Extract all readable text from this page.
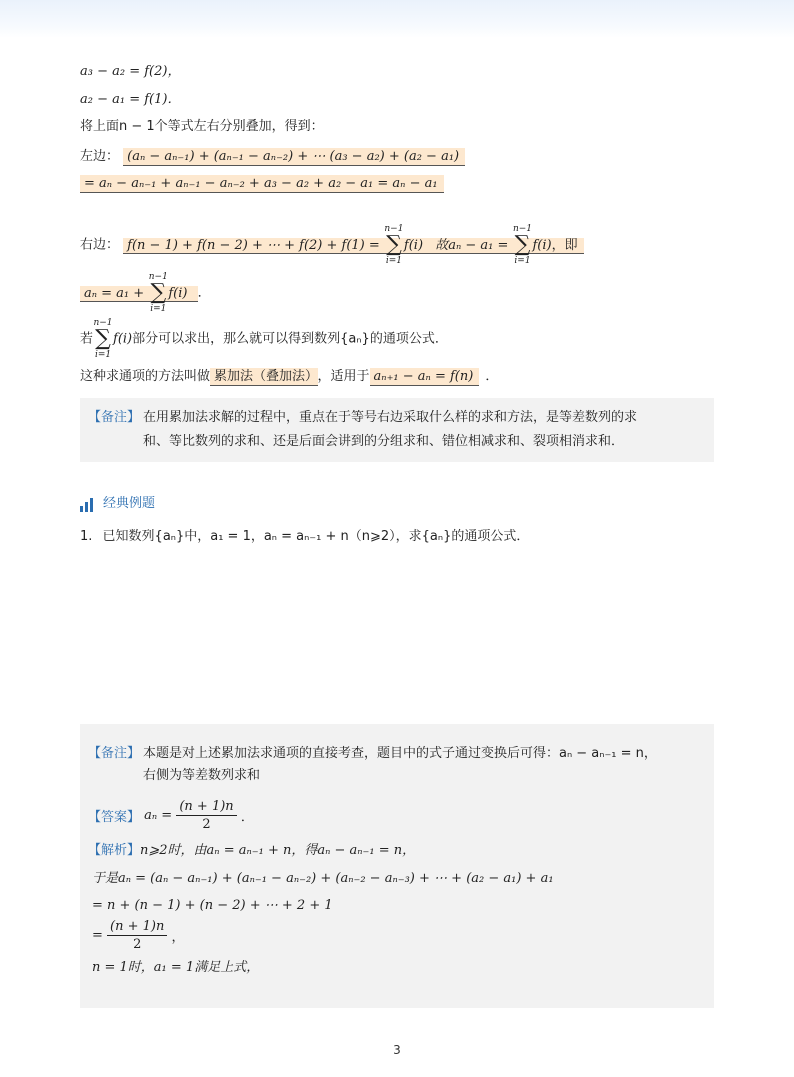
a₃ − a₂ = f(2)，
a₂ − a₁ = f(1)．
将上面n − 1个等式左右分别叠加，得到：
左边： (aₙ − aₙ₋₁) + (aₙ₋₁ − aₙ₋₂) + ⋯ (a₃ − a₂) + (a₂ − a₁)
= aₙ − aₙ₋₁ + aₙ₋₁ − aₙ₋₂ + a₃ − a₂ + a₂ − a₁ = aₙ − a₁
右边： f(n − 1) + f(n − 2) + ⋯ + f(2) + f(1) =
n−1
∑
i=1
f(i) 故aₙ − a₁ =
n−1
∑
i=1
f(i)，即
aₙ = a₁ +
n−1
∑
i=1
f(i) ．
若
n−1
∑
i=1
f(i)部分可以求出，那么就可以得到数列{aₙ}的通项公式．
这种求通项的方法叫做 累加法（叠加法） ，适用于 aₙ₊₁ − aₙ = f(n) ．
【备注】 在用累加法求解的过程中，重点在于等号右边采取什么样的求和方法，是等差数列的求
和、等比数列的求和、还是后面会讲到的分组求和、错位相减求和、裂项相消求和．
经典例题
1. 已知数列{aₙ}中，a₁ = 1，aₙ = aₙ₋₁ + n（n⩾2），求{aₙ}的通项公式．
【备注】 本题是对上述累加法求通项的直接考查，题目中的式子通过变换后可得：aₙ − aₙ₋₁ = n，
右侧为等差数列求和
【答案】 $a_n = \frac{(n + 1)n}{2}$ ．
【解析】n⩾2时，由aₙ = aₙ₋₁ + n，得aₙ − aₙ₋₁ = n，
于是aₙ = (aₙ − aₙ₋₁) + (aₙ₋₁ − aₙ₋₂) + (aₙ₋₂ − aₙ₋₃) + ⋯ + (a₂ − a₁) + a₁
= n + (n − 1) + (n − 2) + ⋯ + 2 + 1
= $\frac{(n + 1)n}{2}$ ，
n = 1时，a₁ = 1满足上式，
3
